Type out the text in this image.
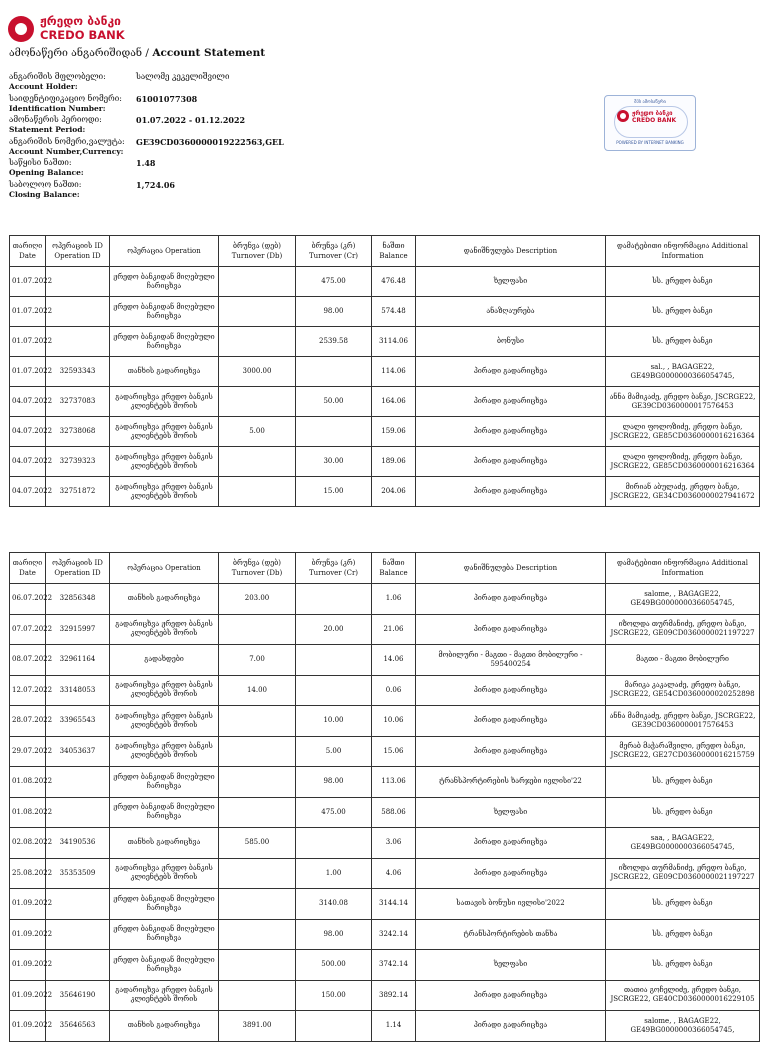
ჟრედო ბანკი
CREDO BANK
ამონაწერი ანგარიშიდან / Account Statement
ანგარიშის მფლობელი:
Account Holder:
სალომე კეკელიშვილი
საიდენტიფიკაციო ნომერი:
Identification Number:
61001077308
ამონაწერის პერიოდი:
Statement Period:
01.07.2022 - 01.12.2022
ანგარიშის ნომერი,ვალუტა:
Account Number,Currency:
GE39CD0360000019222563,GEL
საწყისი ნაშთი:
Opening Balance:
1.48
საბოლოო ნაშთი:
Closing Balance:
1,724.06
შპს ამოსაწერი
ჟრედო ბანკი
CREDO BANK
POWERED BY INTERNET BANKING
თარიღი Date	ოპერაციის ID Operation ID	ოპერაცია Operation	ბრუნვა (დებ) Turnover (Db)	ბრუნვა (კრ) Turnover (Cr)	ნაშთი Balance	დანიშნულება Description	დამატებითი ინფორმაცია Additional Information
01.07.2022		ჟრედო ბანკიდან მიღებული ჩარიცხვა		475.00	476.48	ხელფასი	სს. ჟრედო ბანკი
01.07.2022		ჟრედო ბანკიდან მიღებული ჩარიცხვა		98.00	574.48	ანაზღაურება	სს. ჟრედო ბანკი
01.07.2022		ჟრედო ბანკიდან მიღებული ჩარიცხვა		2539.58	3114.06	ბონუსი	სს. ჟრედო ბანკი
01.07.2022	32593343	თანხის გადარიცხვა	3000.00		114.06	პირადი გადარიცხვა	sal., , BAGAGE22, GE49BG0000000366054745,
04.07.2022	32737083	გადარიცხვა ჟრედო ბანკის კლიენტებს შორის		50.00	164.06	პირადი გადარიცხვა	ანნა მამიკაძე, ჟრედო ბანკი, JSCRGE22, GE39CD0360000017576453
04.07.2022	32738068	გადარიცხვა ჟრედო ბანკის კლიენტებს შორის	5.00		159.06	პირადი გადარიცხვა	ლალი ფოლოზიძე, ჟრედო ბანკი, JSCRGE22, GE85CD0360000016216364
04.07.2022	32739323	გადარიცხვა ჟრედო ბანკის კლიენტებს შორის		30.00	189.06	პირადი გადარიცხვა	ლალი ფოლოზიძე, ჟრედო ბანკი, JSCRGE22, GE85CD0360000016216364
04.07.2022	32751872	გადარიცხვა ჟრედო ბანკის კლიენტებს შორის		15.00	204.06	პირადი გადარიცხვა	მირიან აბულაძე, ჟრედო ბანკი, JSCRGE22, GE34CD0360000027941672
თარიღი Date	ოპერაციის ID Operation ID	ოპერაცია Operation	ბრუნვა (დებ) Turnover (Db)	ბრუნვა (კრ) Turnover (Cr)	ნაშთი Balance	დანიშნულება Description	დამატებითი ინფორმაცია Additional Information
06.07.2022	32856348	თანხის გადარიცხვა	203.00		1.06	პირადი გადარიცხვა	salome, , BAGAGE22, GE49BG0000000366054745,
07.07.2022	32915997	გადარიცხვა ჟრედო ბანკის კლიენტებს შორის		20.00	21.06	პირადი გადარიცხვა	იზოლდა თურმანიძე, ჟრედო ბანკი, JSCRGE22, GE09CD0360000021197227
08.07.2022	32961164	გადახდები	7.00		14.06	მობილური - მაგთი - მაგთი მობილური - 595400254	მაგთი - მაგთი მობილური
12.07.2022	33148053	გადარიცხვა ჟრედო ბანკის კლიენტებს შორის	14.00		0.06	პირადი გადარიცხვა	მარიკა კაკალაძე, ჟრედო ბანკი, JSCRGE22, GE54CD0360000020252898
28.07.2022	33965543	გადარიცხვა ჟრედო ბანკის კლიენტებს შორის		10.00	10.06	პირადი გადარიცხვა	ანნა მამიკაძე, ჟრედო ბანკი, JSCRGE22, GE39CD0360000017576453
29.07.2022	34053637	გადარიცხვა ჟრედო ბანკის კლიენტებს შორის		5.00	15.06	პირადი გადარიცხვა	მერაბ მაჭარაშვილი, ჟრედო ბანკი, JSCRGE22, GE27CD0360000016215759
01.08.2022		ჟრედო ბანკიდან მიღებული ჩარიცხვა		98.00	113.06	ტრანსპორტირების ხარჯები ივლისი'22	სს. ჟრედო ბანკი
01.08.2022		ჟრედო ბანკიდან მიღებული ჩარიცხვა		475.00	588.06	ხელფასი	სს. ჟრედო ბანკი
02.08.2022	34190536	თანხის გადარიცხვა	585.00		3.06	პირადი გადარიცხვა	saa, , BAGAGE22, GE49BG0000000366054745,
25.08.2022	35353509	გადარიცხვა ჟრედო ბანკის კლიენტებს შორის		1.00	4.06	პირადი გადარიცხვა	იზოლდა თურმანიძე, ჟრედო ბანკი, JSCRGE22, GE09CD0360000021197227
01.09.2022		ჟრედო ბანკიდან მიღებული ჩარიცხვა		3140.08	3144.14	სათავის ბონუსი ივლისი'2022	სს. ჟრედო ბანკი
01.09.2022		ჟრედო ბანკიდან მიღებული ჩარიცხვა		98.00	3242.14	ტრანსპორტირების თანხა	სს. ჟრედო ბანკი
01.09.2022		ჟრედო ბანკიდან მიღებული ჩარიცხვა		500.00	3742.14	ხელფასი	სს. ჟრედო ბანკი
01.09.2022	35646190	გადარიცხვა ჟრედო ბანკის კლიენტებს შორის		150.00	3892.14	პირადი გადარიცხვა	თათია გოჩელიძე, ჟრედო ბანკი, JSCRGE22, GE40CD0360000016229105
01.09.2022	35646563	თანხის გადარიცხვა	3891.00		1.14	პირადი გადარიცხვა	salome, , BAGAGE22, GE49BG0000000366054745,
